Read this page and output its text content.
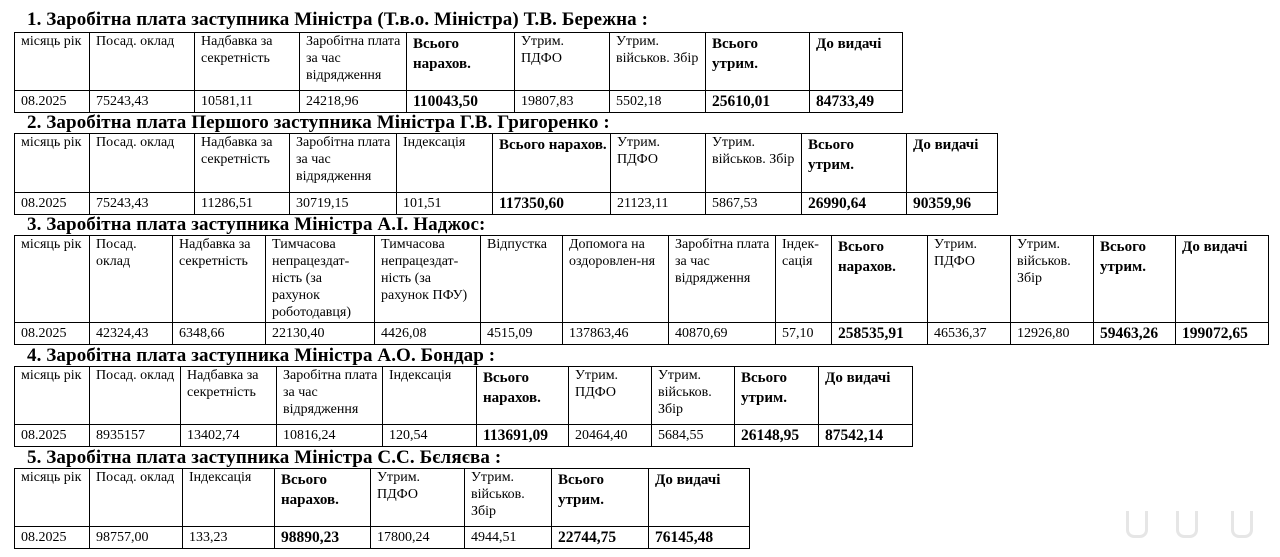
1. Заробітна плата заступника Міністра (Т.в.о. Міністра) Т.В. Бережна :
місяць рік	Посад. оклад	Надбавка за секретність	Заробітна плата за час відрядження	Всього нарахов.	Утрим. ПДФО	Утрим. військов. Збір	Всього утрим.	До видачі
08.2025	75243,43	10581,11	24218,96	110043,50	19807,83	5502,18	25610,01	84733,49
2. Заробітна плата Першого заступника Міністра Г.В. Григоренко :
місяць рік	Посад. оклад	Надбавка за секретність	Заробітна плата за час відрядження	Індексація	Всього нарахов.	Утрим. ПДФО	Утрим. військов. Збір	Всього утрим.	До видачі
08.2025	75243,43	11286,51	30719,15	101,51	117350,60	21123,11	5867,53	26990,64	90359,96
3. Заробітна плата заступника Міністра А.І. Наджос:
місяць рік	Посад. оклад	Надбавка за секретність	Тимчасова непрацездат-ність (за рахунок роботодавця)	Тимчасова непрацездат-ність (за рахунок ПФУ)	Відпустка	Допомога на оздоровлен-ня	Заробітна плата за час відрядження	Індек-сація	Всього нарахов.	Утрим. ПДФО	Утрим. військов. Збір	Всього утрим.	До видачі
08.2025	42324,43	6348,66	22130,40	4426,08	4515,09	137863,46	40870,69	57,10	258535,91	46536,37	12926,80	59463,26	199072,65
4. Заробітна плата заступника Міністра А.О. Бондар :
місяць рік	Посад. оклад	Надбавка за секретність	Заробітна плата за час відрядження	Індексація	Всього нарахов.	Утрим. ПДФО	Утрим. військов. Збір	Всього утрим.	До видачі
08.2025	8935157	13402,74	10816,24	120,54	113691,09	20464,40	5684,55	26148,95	87542,14
5. Заробітна плата заступника Міністра С.С. Бєляєва :
місяць рік	Посад. оклад	Індексація	Всього нарахов.	Утрим. ПДФО	Утрим. військов. Збір	Всього утрим.	До видачі
08.2025	98757,00	133,23	98890,23	17800,24	4944,51	22744,75	76145,48
